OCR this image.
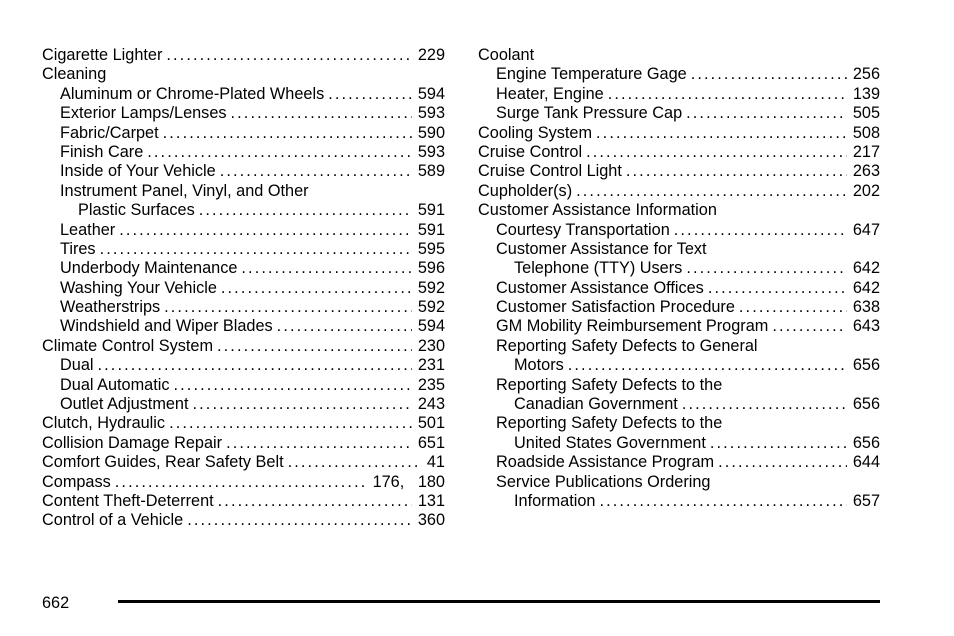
Cigarette Lighter . . .	229
Cleaning
Aluminum or Chrome-Plated Wheels . . .	594
Exterior Lamps/Lenses . . .	593
Fabric/Carpet . . .	590
Finish Care . . .	593
Inside of Your Vehicle . . .	589
Instrument Panel, Vinyl, and Other
Plastic Surfaces . . .	591
Leather . . .	591
Tires . . .	595
Underbody Maintenance . . .	596
Washing Your Vehicle . . .	592
Weatherstrips . . .	592
Windshield and Wiper Blades . . .	594
Climate Control System . . .	230
Dual . . .	231
Dual Automatic . . .	235
Outlet Adjustment . . .	243
Clutch, Hydraulic . . .	501
Collision Damage Repair . . .	651
Comfort Guides, Rear Safety Belt . . .	41
Compass . . .	176,   180
Content Theft-Deterrent . . .	131
Control of a Vehicle . . .	360
Coolant
Engine Temperature Gage . . .	256
Heater, Engine . . .	139
Surge Tank Pressure Cap . . .	505
Cooling System . . .	508
Cruise Control . . .	217
Cruise Control Light . . .	263
Cupholder(s) . . .	202
Customer Assistance Information
Courtesy Transportation . . .	647
Customer Assistance for Text
Telephone (TTY) Users . . .	642
Customer Assistance Offices . . .	642
Customer Satisfaction Procedure . . .	638
GM Mobility Reimbursement Program . . .	643
Reporting Safety Defects to General
Motors . . .	656
Reporting Safety Defects to the
Canadian Government . . .	656
Reporting Safety Defects to the
United States Government . . .	656
Roadside Assistance Program . . .	644
Service Publications Ordering
Information . . .	657
662
